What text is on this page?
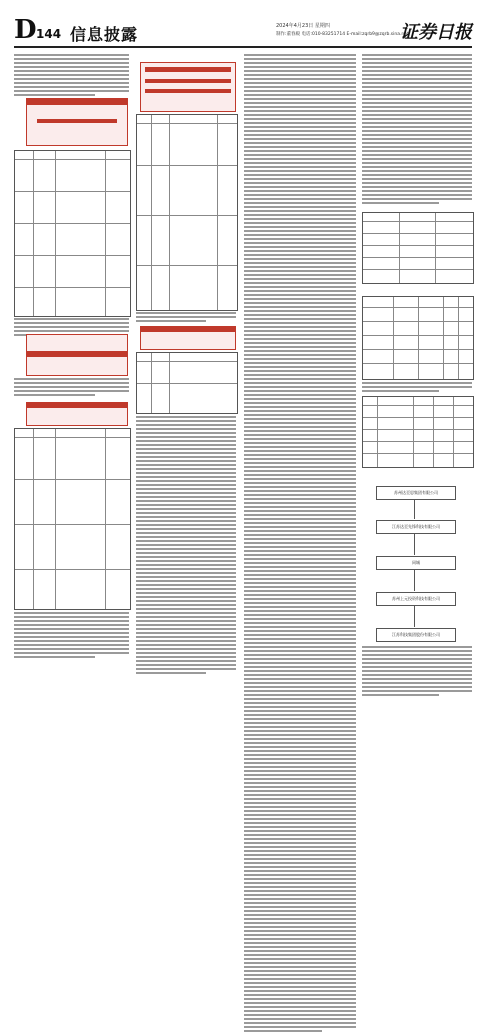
D 144 信息披露	2024年4月23日 星期四
制作:董春殿 电话:010-83251714 E-mail:zqrb9@zqrb.sina.net
证券日报
苏州达至思集团有限公司
江苏达至先锋科技有限公司
同城
苏州上元投资科技有限公司
江苏科技集团股份有限公司
